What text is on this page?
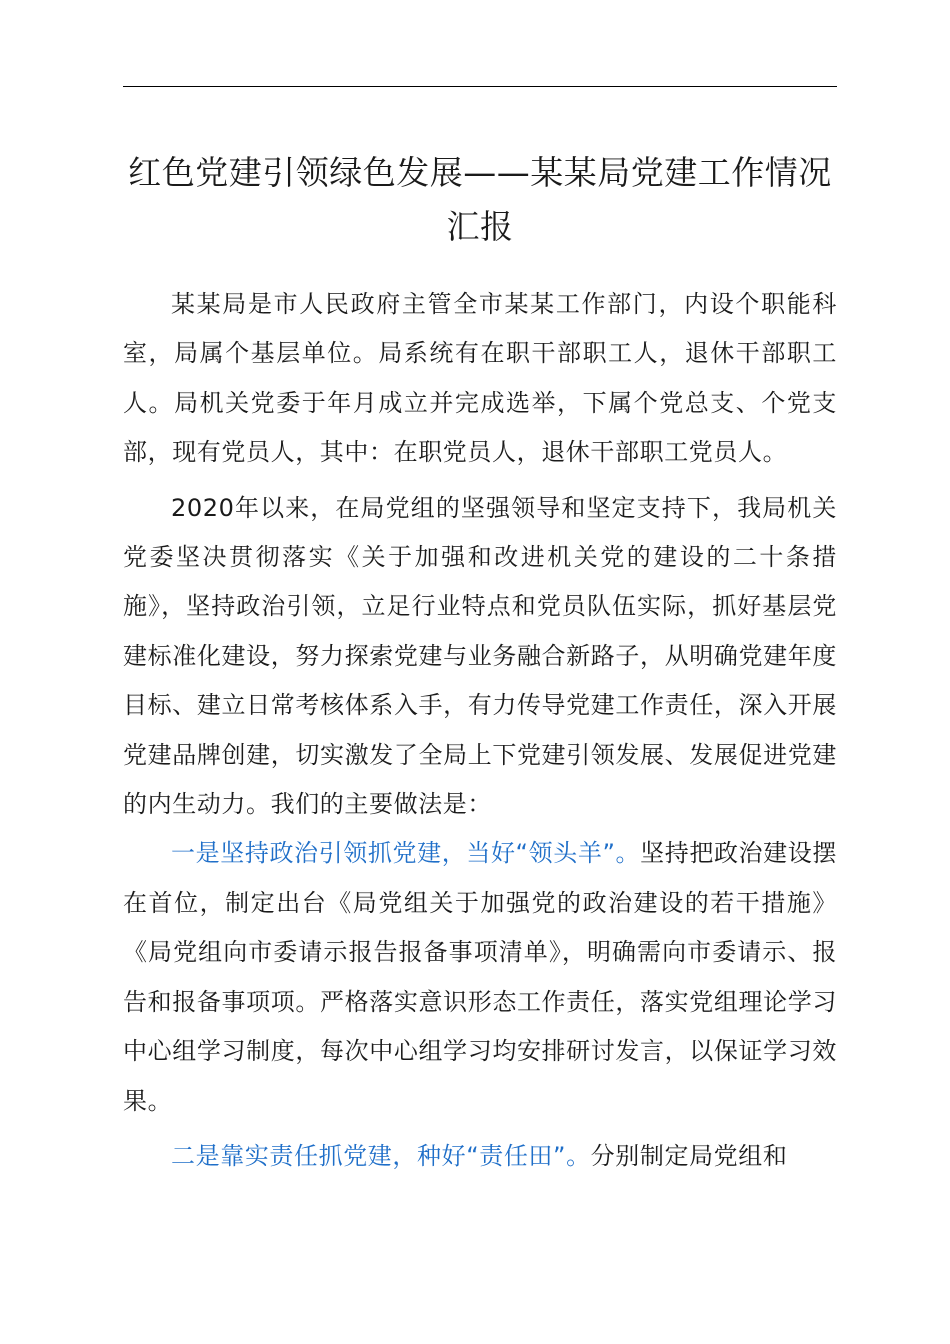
红色党建引领绿色发展——某某局党建工作情况汇报

某某局是市人民政府主管全市某某工作部门，内设个职能科室，局属个基层单位。局系统有在职干部职工人，退休干部职工人。局机关党委于年月成立并完成选举，下属个党总支、个党支部，现有党员人，其中：在职党员人，退休干部职工党员人。

2020年以来，在局党组的坚强领导和坚定支持下，我局机关党委坚决贯彻落实《关于加强和改进机关党的建设的二十条措施》，坚持政治引领，立足行业特点和党员队伍实际，抓好基层党建标准化建设，努力探索党建与业务融合新路子，从明确党建年度目标、建立日常考核体系入手，有力传导党建工作责任，深入开展党建品牌创建，切实激发了全局上下党建引领发展、发展促进党建的内生动力。我们的主要做法是：

一是坚持政治引领抓党建，当好“领头羊”。坚持把政治建设摆在首位，制定出台《局党组关于加强党的政治建设的若干措施》《局党组向市委请示报告报备事项清单》，明确需向市委请示、报告和报备事项项。严格落实意识形态工作责任，落实党组理论学习中心组学习制度，每次中心组学习均安排研讨发言，以保证学习效果。

二是靠实责任抓党建，种好“责任田”。分别制定局党组和
